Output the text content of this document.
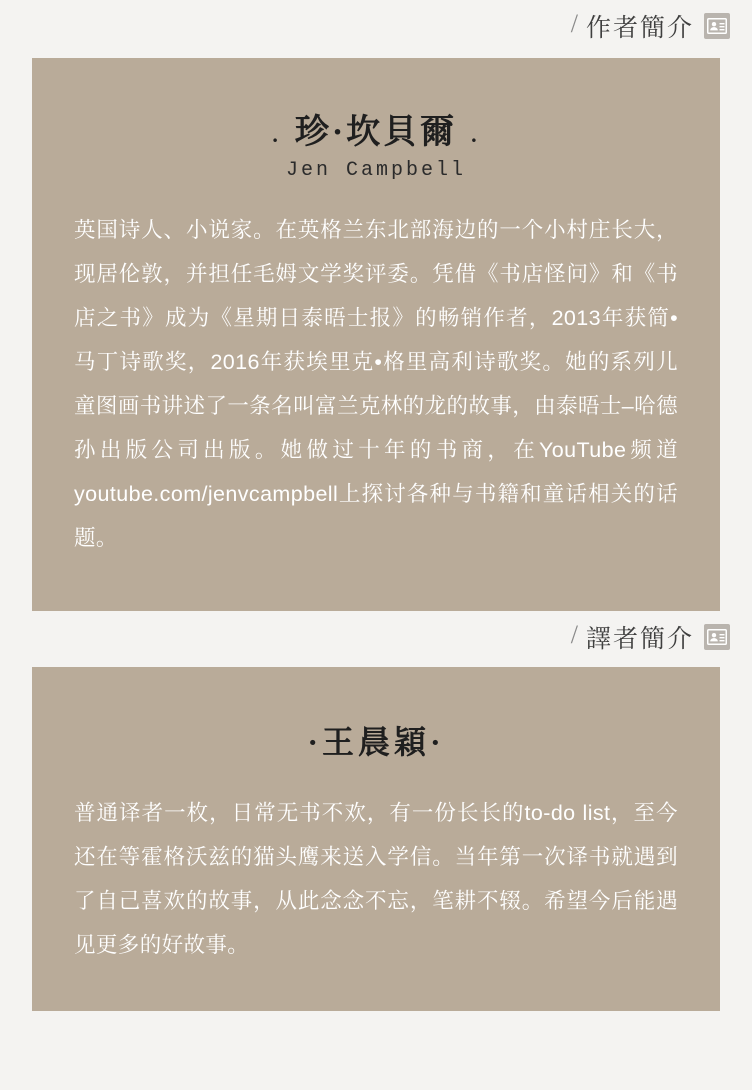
/ 作者簡介
. 珍·坎貝爾 .
Jen Campbell
英国诗人、小说家。在英格兰东北部海边的一个小村庄长大，现居伦敦，并担任毛姆文学奖评委。凭借《书店怪问》和《书店之书》成为《星期日泰晤士报》的畅销作者，2013年获简•马丁诗歌奖，2016年获埃里克•格里高利诗歌奖。她的系列儿童图画书讲述了一条名叫富兰克林的龙的故事，由泰晤士–哈德孙出版公司出版。她做过十年的书商，在YouTube频道youtube.com/jenvcampbell上探讨各种与书籍和童话相关的话题。
/ 譯者簡介
·王晨穎·
普通译者一枚，日常无书不欢，有一份长长的to-do list，至今还在等霍格沃兹的猫头鹰来送入学信。当年第一次译书就遇到了自己喜欢的故事，从此念念不忘，笔耕不辍。希望今后能遇见更多的好故事。
